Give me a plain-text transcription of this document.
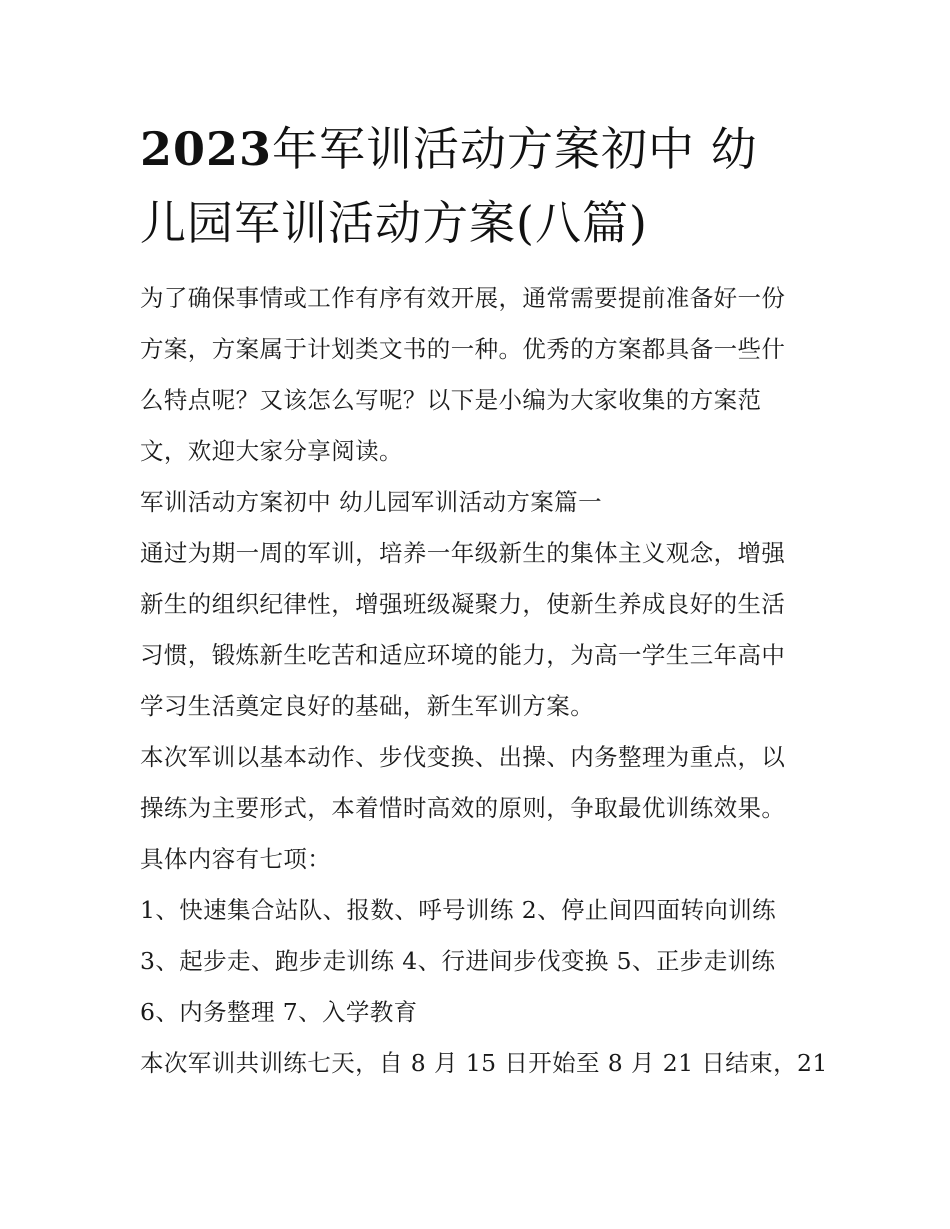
2023年军训活动方案初中 幼
儿园军训活动方案(八篇)

为了确保事情或工作有序有效开展，通常需要提前准备好一份
方案，方案属于计划类文书的一种。优秀的方案都具备一些什
么特点呢？又该怎么写呢？以下是小编为大家收集的方案范
文，欢迎大家分享阅读。

军训活动方案初中 幼儿园军训活动方案篇一

通过为期一周的军训，培养一年级新生的集体主义观念，增强
新生的组织纪律性，增强班级凝聚力，使新生养成良好的生活
习惯，锻炼新生吃苦和适应环境的能力，为高一学生三年高中
学习生活奠定良好的基础，新生军训方案。

本次军训以基本动作、步伐变换、出操、内务整理为重点，以
操练为主要形式，本着惜时高效的原则，争取最优训练效果。
具体内容有七项：

1、快速集合站队、报数、呼号训练 2、停止间四面转向训练
3、起步走、跑步走训练 4、行进间步伐变换 5、正步走训练
6、内务整理 7、入学教育

本次军训共训练七天，自 8 月 15 日开始至 8 月 21 日结束，21
